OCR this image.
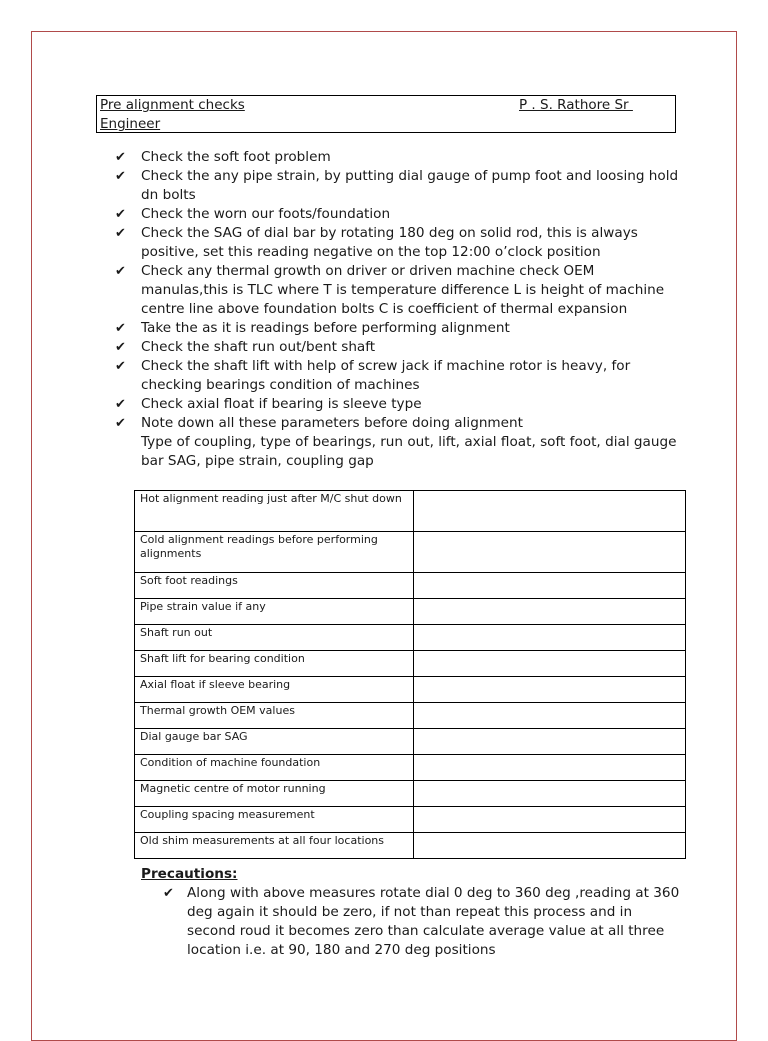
Pre alignment checks	P . S. Rathore Sr
Engineer
✔ Check the soft foot problem
✔ Check the any pipe strain, by putting dial gauge of pump foot and loosing hold dn bolts
✔ Check the worn our foots/foundation
✔ Check the SAG of dial bar by rotating 180 deg on solid rod, this is always positive, set this reading negative on the top 12:00 o’clock position
✔ Check any thermal growth on driver or driven machine check OEM manulas,this is TLC where T is temperature difference L is height of machine centre line above foundation bolts C is coefficient of thermal expansion
✔ Take the as it is readings before performing alignment
✔ Check the shaft run out/bent shaft
✔ Check the shaft lift with help of screw jack if machine rotor is heavy, for checking bearings condition of machines
✔ Check axial float if bearing is sleeve type
✔ Note down all these parameters before doing alignment
Type of coupling, type of bearings, run out, lift, axial float, soft foot, dial gauge bar SAG, pipe strain, coupling gap
Hot alignment reading just after M/C shut down	
Cold alignment readings before performing alignments	
Soft foot readings	
Pipe strain value if any	
Shaft run out	
Shaft lift for bearing condition	
Axial float if sleeve bearing	
Thermal growth OEM values	
Dial gauge bar SAG	
Condition of machine foundation	
Magnetic centre of motor running	
Coupling spacing measurement	
Old shim measurements at all four locations	
Precautions:
✔ Along with above measures rotate dial 0 deg to 360 deg ,reading at 360 deg again it should be zero, if not than repeat this process and in second roud it becomes zero than calculate average value at all three location i.e. at 90, 180 and 270 deg positions
